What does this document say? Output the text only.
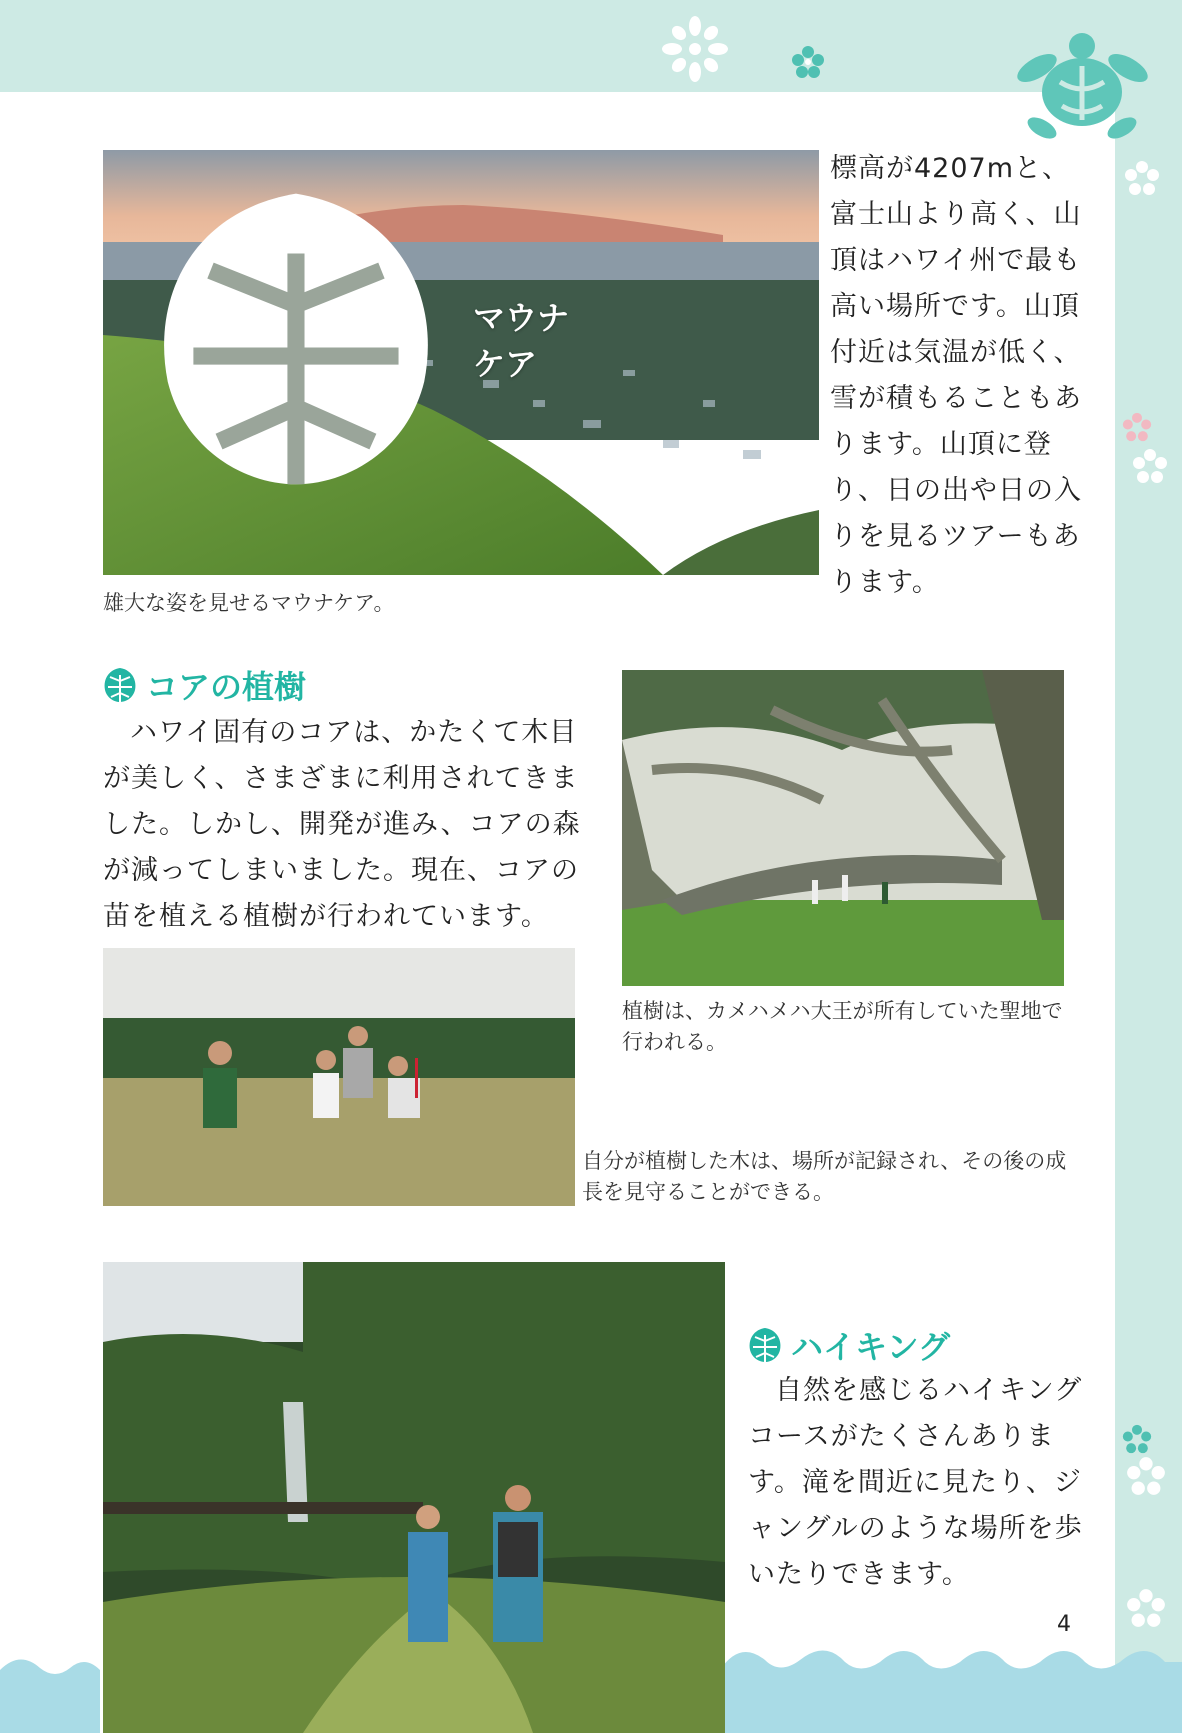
マウナケア
標高が4207mと、富士山より高く、山頂はハワイ州で最も高い場所です。山頂付近は気温が低く、雪が積もることもあります。山頂に登り、日の出や日の入りを見るツアーもあります。
雄大な姿を見せるマウナケア。
コアの植樹
ハワイ固有のコアは、かたくて木目が美しく、さまざまに利用されてきました。しかし、開発が進み、コアの森が減ってしまいました。現在、コアの苗を植える植樹が行われています。
植樹は、カメハメハ大王が所有していた聖地で行われる。
自分が植樹した木は、場所が記録され、その後の成長を見守ることができる。
ハイキング
自然を感じるハイキングコースがたくさんあります。滝を間近に見たり、ジャングルのような場所を歩いたりできます。
4
